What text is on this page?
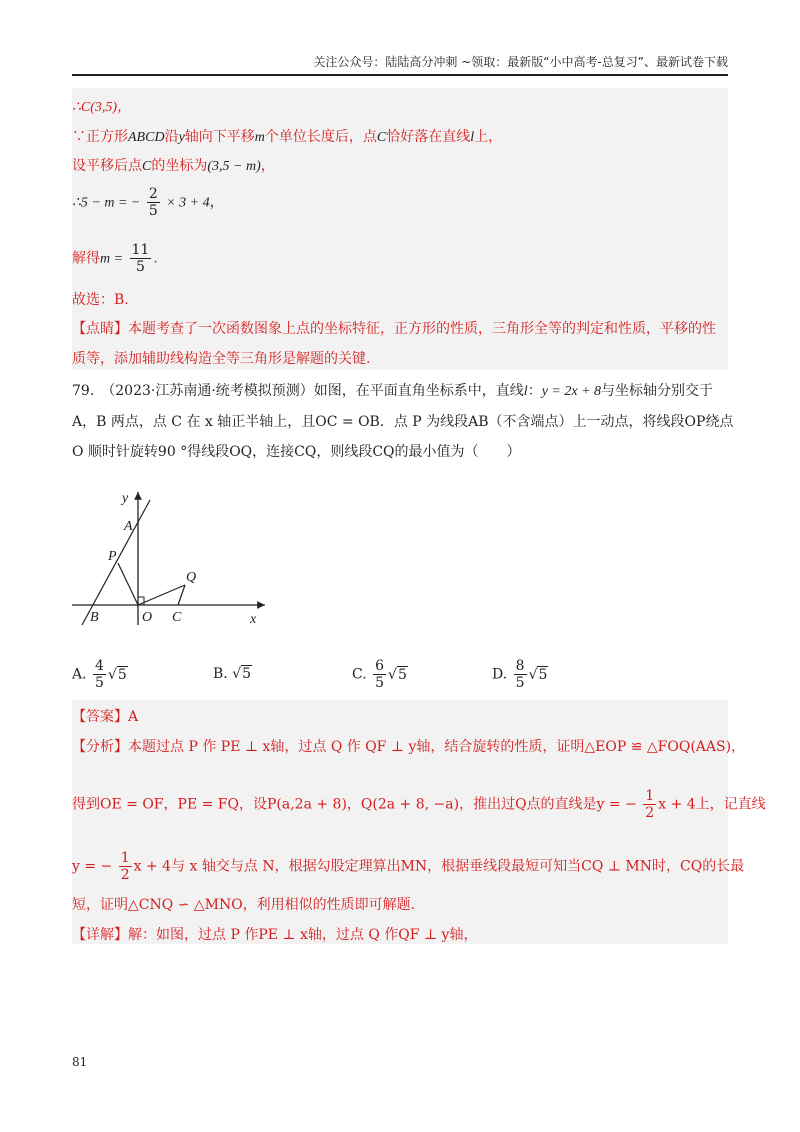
关注公众号：陆陆高分冲刺 ~领取：最新版“小中高考-总复习”、最新试卷下载
∴C(3,5)，
∵正方形ABCD沿y轴向下平移m个单位长度后，点C恰好落在直线l上，
设平移后点C的坐标为(3,5 − m)，
∴5 − m = − $\frac{2}{5} \times 3 + 4$，
解得$m = \frac{11}{5}$ .
故选：B.
【点睛】本题考查了一次函数图象上点的坐标特征，正方形的性质，三角形全等的判定和性质，平移的性
质等，添加辅助线构造全等三角形是解题的关键.
79.　（2023·江苏南通·统考模拟预测）如图，在平面直角坐标系中，直线l：y = 2x + 8与坐标轴分别交于
A，B 两点，点 C 在 x 轴正半轴上，且OC = OB．点 P 为线段AB（不含端点）上一动点，将线段OP绕点
O 顺时针旋转90 °得线段OQ，连接CQ，则线段CQ的最小值为（　　）
y
A
P
Q
B	O C	x
A. $\frac{4}{5} √5$	B. √5	C. $\frac{6}{5} √5$	D. $\frac{8}{5} √5$
【答案】A
【分析】本题过点 P 作 PE ⊥ x轴，过点 Q 作 QF ⊥ y轴，结合旋转的性质，证明△EOP ≌ △FOQ(AAS)，
得到OE = OF，PE = FQ，设P(a,2a + 8)，Q(2a + 8, −a)，推出过Q点的直线是y = − $\frac{1}{2}$ x + 4上，记直线
y = − $\frac{1}{2}$ x + 4与 x 轴交与点 N，根据勾股定理算出MN，根据垂线段最短可知当CQ ⊥ MN时，CQ的长最
短，证明△CNQ ∽ △MNO，利用相似的性质即可解题.
【详解】解：如图，过点 P 作PE ⊥ x轴，过点 Q 作QF ⊥ y轴，
81
